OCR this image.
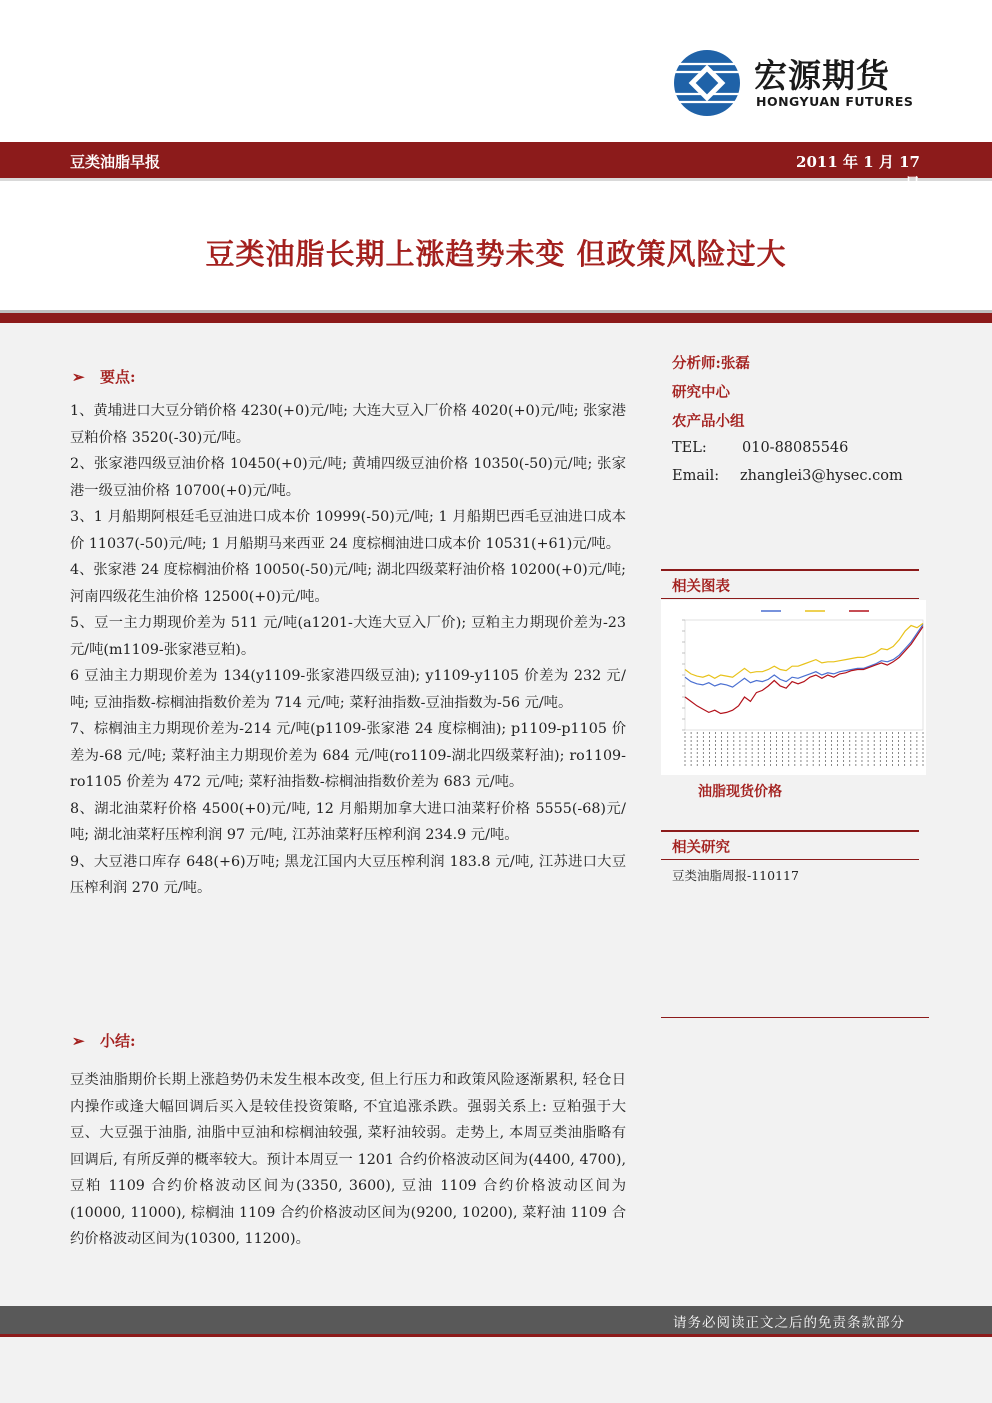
宏源期货
HONGYUAN FUTURES
豆类油脂早报	2011 年 1 月 17 日
豆类油脂长期上涨趋势未变 但政策风险过大
➢ 要点:

1、黄埔进口大豆分销价格 4230(+0)元/吨; 大连大豆入厂价格 4020(+0)元/吨; 张家港豆粕价格 3520(-30)元/吨。

2、张家港四级豆油价格 10450(+0)元/吨; 黄埔四级豆油价格 10350(-50)元/吨; 张家港一级豆油价格 10700(+0)元/吨。

3、1 月船期阿根廷毛豆油进口成本价 10999(-50)元/吨; 1 月船期巴西毛豆油进口成本价 11037(-50)元/吨; 1 月船期马来西亚 24 度棕榈油进口成本价 10531(+61)元/吨。

4、张家港 24 度棕榈油价格 10050(-50)元/吨; 湖北四级菜籽油价格 10200(+0)元/吨; 河南四级花生油价格 12500(+0)元/吨。

5、豆一主力期现价差为 511 元/吨(a1201-大连大豆入厂价); 豆粕主力期现价差为-23 元/吨(m1109-张家港豆粕)。

6 豆油主力期现价差为 134(y1109-张家港四级豆油); y1109-y1105 价差为 232 元/吨; 豆油指数-棕榈油指数价差为 714 元/吨; 菜籽油指数-豆油指数为-56 元/吨。

7、棕榈油主力期现价差为-214 元/吨(p1109-张家港 24 度棕榈油); p1109-p1105 价差为-68 元/吨; 菜籽油主力期现价差为 684 元/吨(ro1109-湖北四级菜籽油); ro1109-ro1105 价差为 472 元/吨; 菜籽油指数-棕榈油指数价差为 683 元/吨。

8、湖北油菜籽价格 4500(+0)元/吨, 12 月船期加拿大进口油菜籽价格 5555(-68)元/吨; 湖北油菜籽压榨利润 97 元/吨, 江苏油菜籽压榨利润 234.9 元/吨。

9、大豆港口库存 648(+6)万吨; 黑龙江国内大豆压榨利润 183.8 元/吨, 江苏进口大豆压榨利润 270 元/吨。

➢ 小结:
豆类油脂期价长期上涨趋势仍未发生根本改变, 但上行压力和政策风险逐渐累积, 轻仓日内操作或逢大幅回调后买入是较佳投资策略, 不宜追涨杀跌。强弱关系上: 豆粕强于大豆、大豆强于油脂, 油脂中豆油和棕榈油较强, 菜籽油较弱。走势上, 本周豆类油脂略有回调后, 有所反弹的概率较大。预计本周豆一 1201 合约价格波动区间为(4400, 4700), 豆粕 1109 合约价格波动区间为(3350, 3600), 豆油 1109 合约价格波动区间为(10000, 11000), 棕榈油 1109 合约价格波动区间为(9200, 10200), 菜籽油 1109 合约价格波动区间为(10300, 11200)。
分析师:张磊
研究中心
农产品小组
TEL: 010-88085546
Email: zhanglei3@hysec.com
相关图表
油脂现货价格
相关研究
豆类油脂周报-110117
请务必阅读正文之后的免责条款部分
